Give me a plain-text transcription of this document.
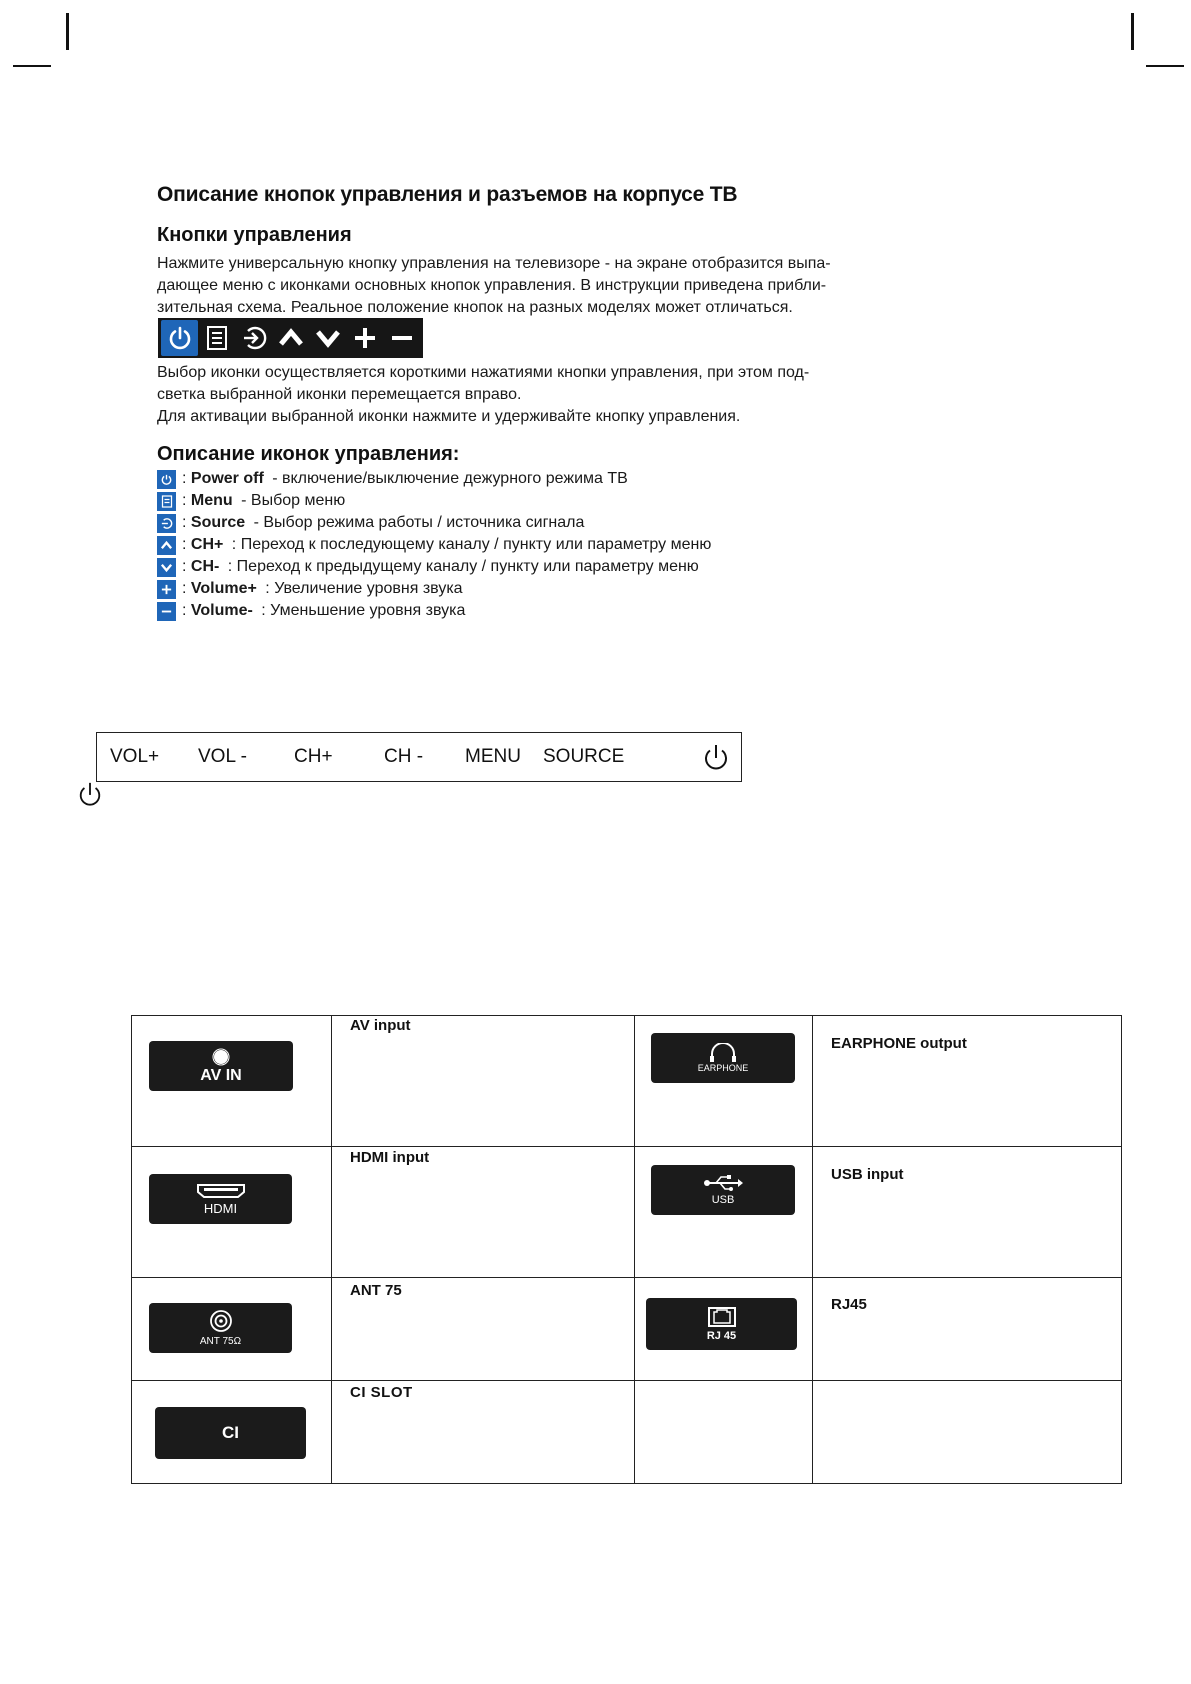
Описание кнопок управления и разъемов на корпусе ТВ
Кнопки управления
Нажмите универсальную кнопку управления на телевизоре - на экране отобразится выпа-
дающее меню с иконками основных кнопок управления. В инструкции приведена прибли-
зительная схема. Реальное положение кнопок на разных моделях может отличаться.
Выбор иконки осуществляется короткими нажатиями кнопки управления, при этом под-
светка выбранной иконки перемещается вправо.
Для активации выбранной иконки нажмите и удерживайте кнопку управления.
Описание иконок управления:
: Power off - включение/выключение дежурного режима ТВ
: Menu - Выбор меню
: Source - Выбор режима работы / источника сигнала
: CH+ : Переход к последующему каналу / пункту или параметру меню
: CH- : Переход к предыдущему каналу / пункту или параметру меню
: Volume+ : Увеличение уровня звука
: Volume- : Уменьшение уровня звука
VOL+ VOL - CH+	CH - MENU SOURCE
AV IN	AV input	EARPHONE	EARPHONE output

HDMI	HDMI input	USB	USB input

ANT 75Ω	ANT 75	RJ 45	RJ45

CI	CI SLOT		
